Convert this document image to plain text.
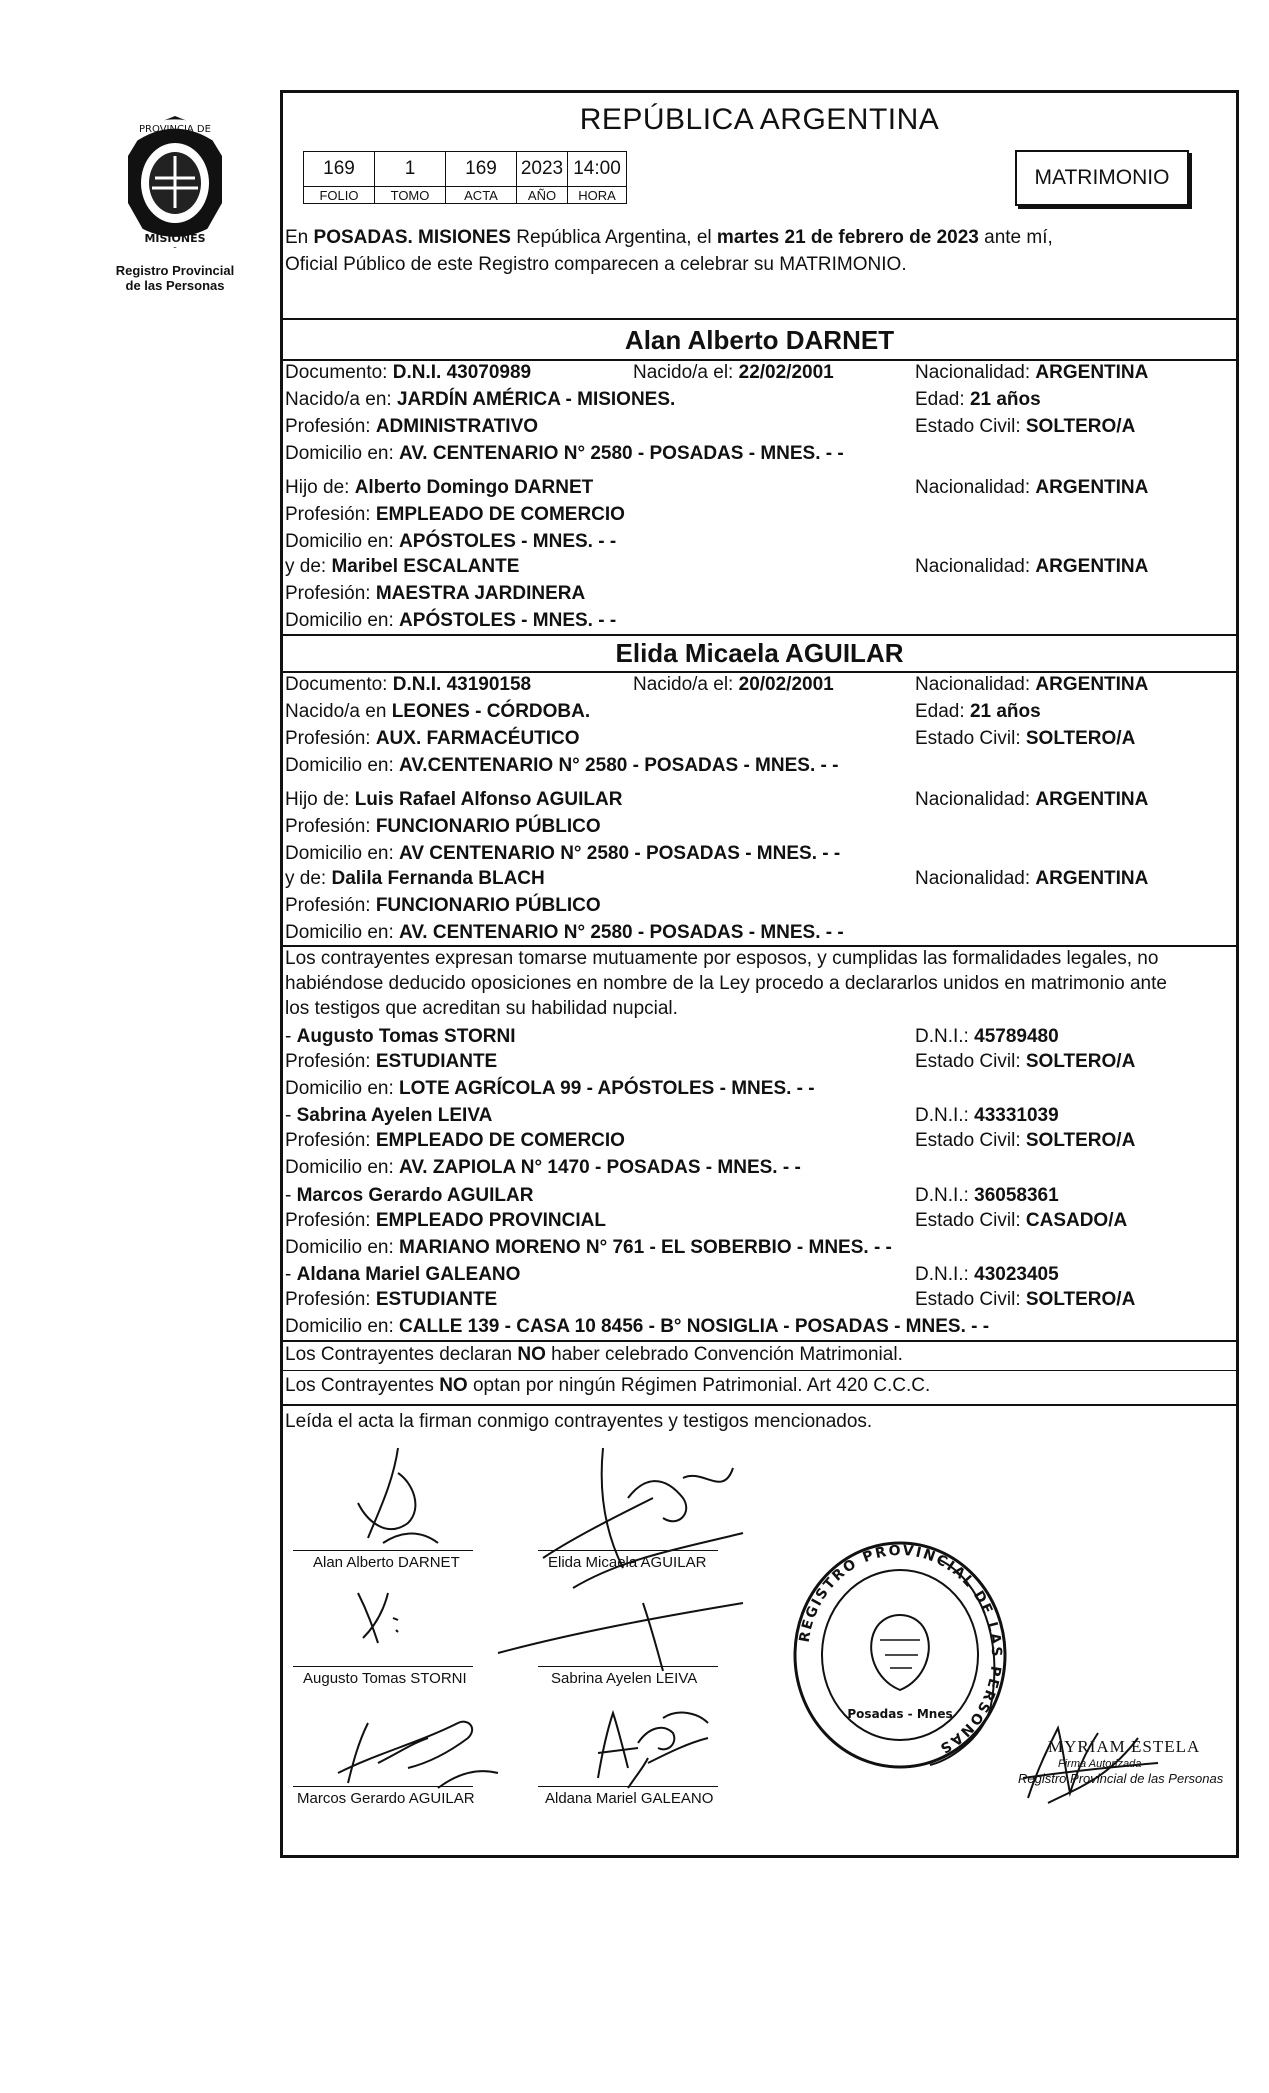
PROVINCIA DE
MISIONES
Registro Provincial
de las Personas
REPÚBLICA ARGENTINA
169	1	169	2023	14:00
FOLIO	TOMO	ACTA	AÑO	HORA
MATRIMONIO
En POSADAS. MISIONES República Argentina, el martes 21 de febrero de 2023 ante mí,
Oficial Público de este Registro comparecen a celebrar su MATRIMONIO.
Alan Alberto DARNET
Documento: D.N.I. 43070989	Nacido/a el: 22/02/2001	Nacionalidad: ARGENTINA
Nacido/a en: JARDÍN AMÉRICA - MISIONES.	Edad: 21 años
Profesión: ADMINISTRATIVO	Estado Civil: SOLTERO/A
Domicilio en: AV. CENTENARIO N° 2580 - POSADAS - MNES. - -
Hijo de: Alberto Domingo DARNET	Nacionalidad: ARGENTINA
Profesión: EMPLEADO DE COMERCIO
Domicilio en: APÓSTOLES - MNES. - -
y de: Maribel ESCALANTE	Nacionalidad: ARGENTINA
Profesión: MAESTRA JARDINERA
Domicilio en: APÓSTOLES - MNES. - -
Elida Micaela AGUILAR
Documento: D.N.I. 43190158	Nacido/a el: 20/02/2001	Nacionalidad: ARGENTINA
Nacido/a en LEONES - CÓRDOBA.	Edad: 21 años
Profesión: AUX. FARMACÉUTICO	Estado Civil: SOLTERO/A
Domicilio en: AV.CENTENARIO N° 2580 - POSADAS - MNES. - -
Hijo de: Luis Rafael Alfonso AGUILAR	Nacionalidad: ARGENTINA
Profesión: FUNCIONARIO PÚBLICO
Domicilio en: AV CENTENARIO N° 2580 - POSADAS - MNES. - -
y de: Dalila Fernanda BLACH	Nacionalidad: ARGENTINA
Profesión: FUNCIONARIO PÚBLICO
Domicilio en: AV. CENTENARIO N° 2580 - POSADAS - MNES. - -
Los contrayentes expresan tomarse mutuamente por esposos, y cumplidas las formalidades legales, no
habiéndose deducido oposiciones en nombre de la Ley procedo a declararlos unidos en matrimonio ante
los testigos que acreditan su habilidad nupcial.
- Augusto Tomas STORNI	D.N.I.: 45789480
Profesión: ESTUDIANTE	Estado Civil: SOLTERO/A
Domicilio en: LOTE AGRÍCOLA 99 - APÓSTOLES - MNES. - -
- Sabrina Ayelen LEIVA	D.N.I.: 43331039
Profesión: EMPLEADO DE COMERCIO	Estado Civil: SOLTERO/A
Domicilio en: AV. ZAPIOLA N° 1470 - POSADAS - MNES. - -
- Marcos Gerardo AGUILAR	D.N.I.: 36058361
Profesión: EMPLEADO PROVINCIAL	Estado Civil: CASADO/A
Domicilio en: MARIANO MORENO N° 761 - EL SOBERBIO - MNES. - -
- Aldana Mariel GALEANO	D.N.I.: 43023405
Profesión: ESTUDIANTE	Estado Civil: SOLTERO/A
Domicilio en: CALLE 139 - CASA 10 8456 - B° NOSIGLIA - POSADAS - MNES. - -
Los Contrayentes declaran NO haber celebrado Convención Matrimonial.
Los Contrayentes NO optan por ningún Régimen Patrimonial. Art 420 C.C.C.
Leída el acta la firman conmigo contrayentes y testigos mencionados.
Alan Alberto DARNET	Elida Micaela AGUILAR
Augusto Tomas STORNI	Sabrina Ayelen LEIVA
Marcos Gerardo AGUILAR	Aldana Mariel GALEANO
MYRIAM ESTELA
Firma Autorizada
Registro Provincial de las Personas
REGISTRO PROVINCIAL DE LAS PERSONAS
Posadas - Mnes
